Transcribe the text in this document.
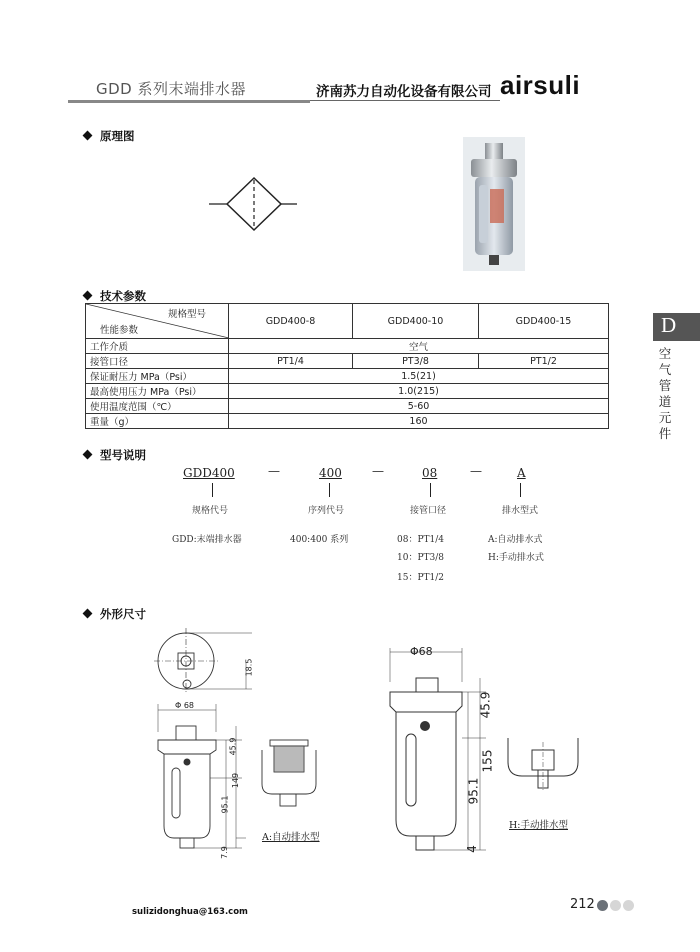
GDD 系列末端排水器	济南苏力自动化设备有限公司 airsuli
D
空气管道元件
原理图
技术参数
规格型号
性能参数	GDD400-8	GDD400-10	GDD400-15
工作介质	空气		
接管口径	PT1/4	PT3/8	PT1/2
保证耐压力 MPa（Psi）	1.5(21)		
最高使用压力 MPa（Psi）	1.0(215)		
使用温度范围（℃）	5-60		
重量（g）	160		
型号说明
GDD400	—	400	—	08	—	A
规格代号	序列代号	接管口径	排水型式
GDD:末端排水器	400:400 系列	08：PT1/4
10：PT3/8
15：PT1/2
A:自动排水式
H:手动排水式
外形尺寸
18.5
Φ 68
45.9
149
95.1
7.9
A:自动排水型
Φ68
45.9
155
95.1
4
H:手动排水型
sulizidonghua@163.com	212
